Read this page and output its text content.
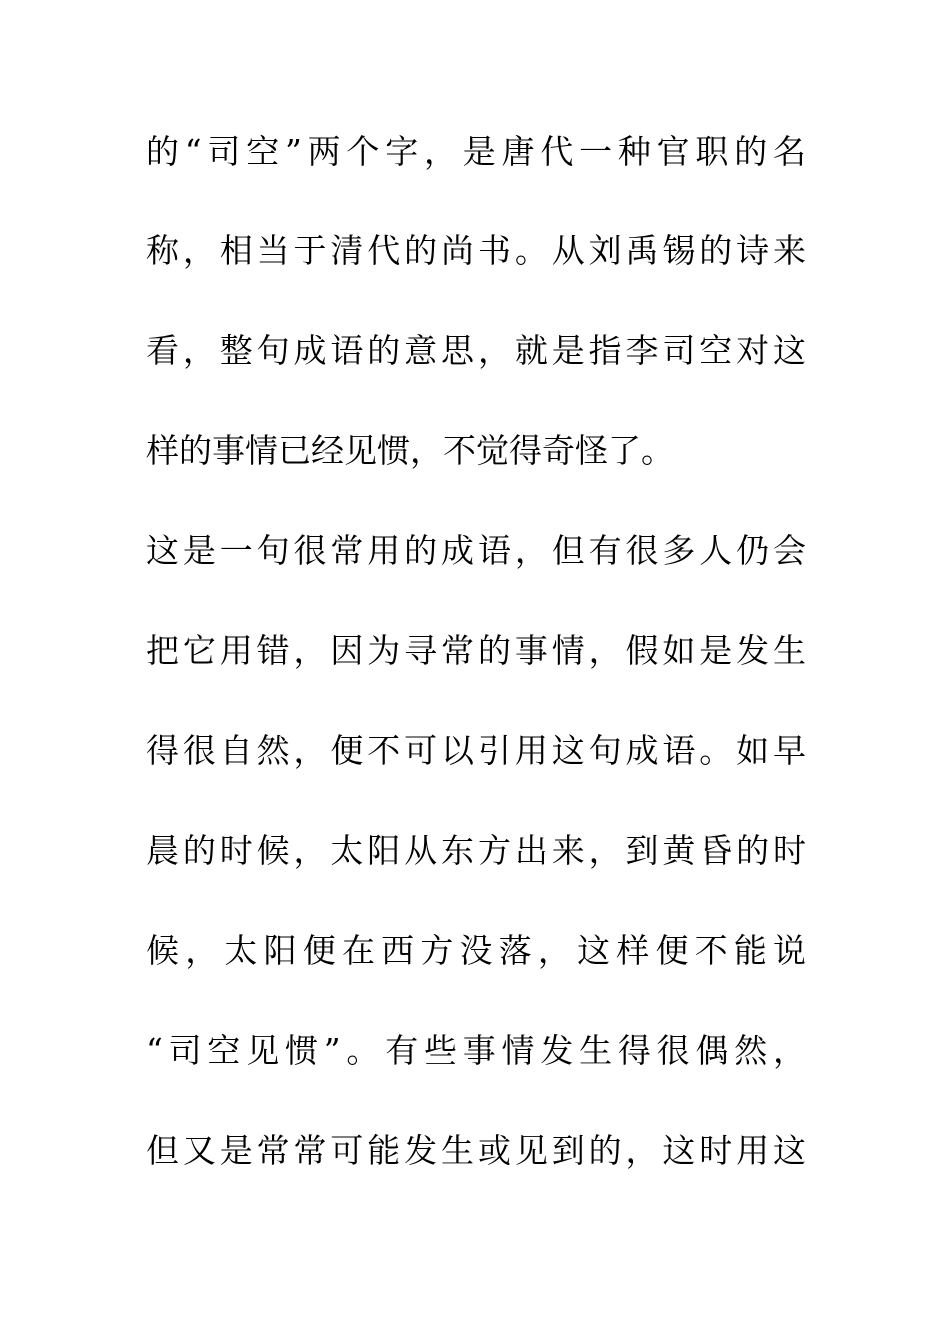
的“司空”两个字，是唐代一种官职的名
称，相当于清代的尚书。从刘禹锡的诗来
看，整句成语的意思，就是指李司空对这
样的事情已经见惯，不觉得奇怪了。
这是一句很常用的成语，但有很多人仍会
把它用错，因为寻常的事情，假如是发生
得很自然，便不可以引用这句成语。如早
晨的时候，太阳从东方出来，到黄昏的时
候，太阳便在西方没落，这样便不能说
“司空见惯”。有些事情发生得很偶然，
但又是常常可能发生或见到的，这时用这
